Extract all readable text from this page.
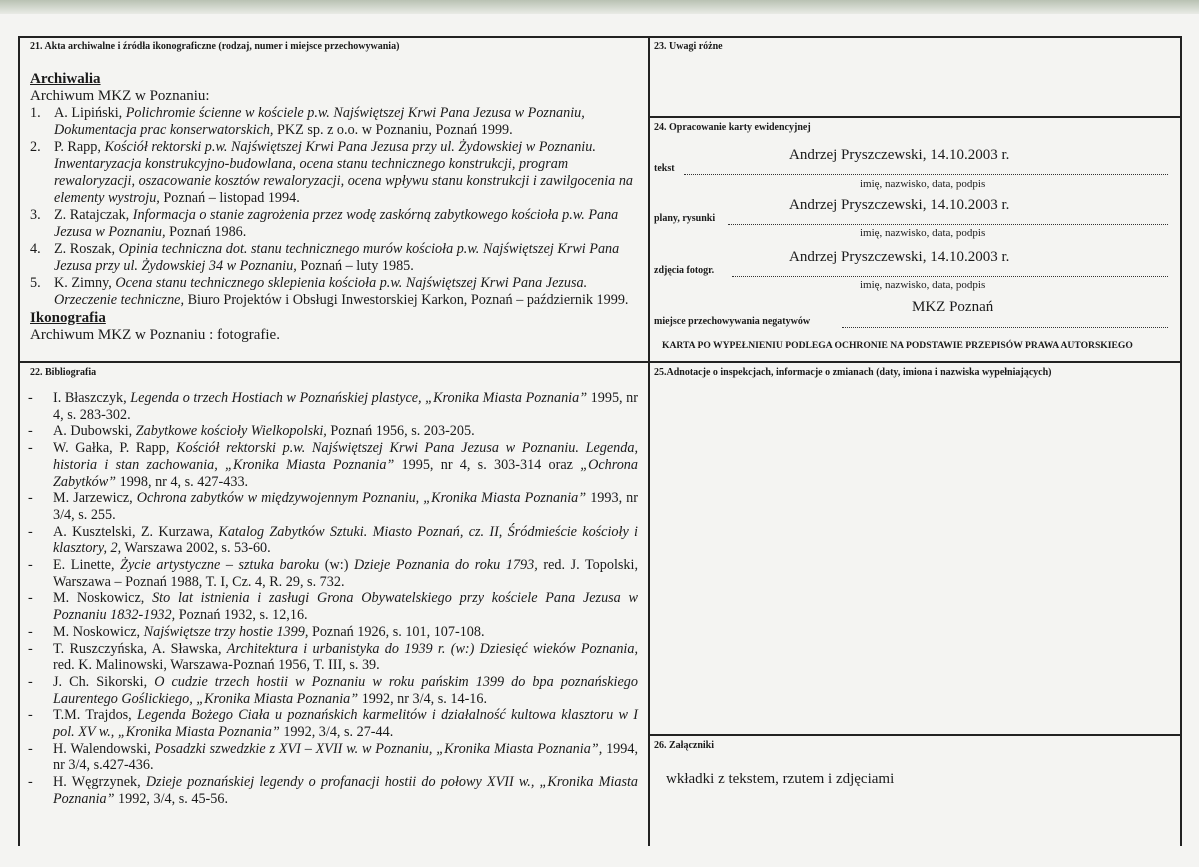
21. Akta archiwalne i źródła ikonograficzne (rodzaj, numer i miejsce przechowywania)
Archiwalia
Archiwum MKZ w Poznaniu:
1. A. Lipiński, Polichromie ścienne w kościele p.w. Najświętszej Krwi Pana Jezusa w Poznaniu, Dokumentacja prac konserwatorskich, PKZ sp. z o.o. w Poznaniu, Poznań 1999.
2. P. Rapp, Kościół rektorski p.w. Najświętszej Krwi Pana Jezusa przy ul. Żydowskiej w Poznaniu. Inwentaryzacja konstrukcyjno-budowlana, ocena stanu technicznego konstrukcji, program rewaloryzacji, oszacowanie kosztów rewaloryzacji, ocena wpływu stanu konstrukcji i zawilgocenia na elementy wystroju, Poznań – listopad 1994.
3. Z. Ratajczak, Informacja o stanie zagrożenia przez wodę zaskórną zabytkowego kościoła p.w. Pana Jezusa w Poznaniu, Poznań 1986.
4. Z. Roszak, Opinia techniczna dot. stanu technicznego murów kościoła p.w. Najświętszej Krwi Pana Jezusa przy ul. Żydowskiej 34 w Poznaniu, Poznań – luty 1985.
5. K. Zimny, Ocena stanu technicznego sklepienia kościoła p.w. Najświętszej Krwi Pana Jezusa. Orzeczenie techniczne, Biuro Projektów i Obsługi Inwestorskiej Karkon, Poznań – październik 1999.
Ikonografia
Archiwum MKZ w Poznaniu : fotografie.
22. Bibliografia
- I. Błaszczyk, Legenda o trzech Hostiach w Poznańskiej plastyce, „Kronika Miasta Poznania” 1995, nr 4, s. 283-302.
- A. Dubowski, Zabytkowe kościoły Wielkopolski, Poznań 1956, s. 203-205.
- W. Gałka, P. Rapp, Kościół rektorski p.w. Najświętszej Krwi Pana Jezusa w Poznaniu. Legenda, historia i stan zachowania, „Kronika Miasta Poznania” 1995, nr 4, s. 303-314 oraz „Ochrona Zabytków” 1998, nr 4, s. 427-433.
- M. Jarzewicz, Ochrona zabytków w międzywojennym Poznaniu, „Kronika Miasta Poznania” 1993, nr 3/4, s. 255.
- A. Kusztelski, Z. Kurzawa, Katalog Zabytków Sztuki. Miasto Poznań, cz. II, Śródmieście kościoły i klasztory, 2, Warszawa 2002, s. 53-60.
- E. Linette, Życie artystyczne – sztuka baroku (w:) Dzieje Poznania do roku 1793, red. J. Topolski, Warszawa – Poznań 1988, T. I, Cz. 4, R. 29, s. 732.
- M. Noskowicz, Sto lat istnienia i zasługi Grona Obywatelskiego przy kościele Pana Jezusa w Poznaniu 1832-1932, Poznań 1932, s. 12,16.
- M. Noskowicz, Najświętsze trzy hostie 1399, Poznań 1926, s. 101, 107-108.
- T. Ruszczyńska, A. Sławska, Architektura i urbanistyka do 1939 r. (w:) Dziesięć wieków Poznania, red. K. Malinowski, Warszawa-Poznań 1956, T. III, s. 39.
- J. Ch. Sikorski, O cudzie trzech hostii w Poznaniu w roku pańskim 1399 do bpa poznańskiego Laurentego Goślickiego, „Kronika Miasta Poznania” 1992, nr 3/4, s. 14-16.
- T.M. Trajdos, Legenda Bożego Ciała u poznańskich karmelitów i działalność kultowa klasztoru w I pol. XV w., „Kronika Miasta Poznania” 1992, 3/4, s. 27-44.
- H. Walendowski, Posadzki szwedzkie z XVI – XVII w. w Poznaniu, „Kronika Miasta Poznania”, 1994, nr 3/4, s.427-436.
- H. Węgrzynek, Dzieje poznańskiej legendy o profanacji hostii do połowy XVII w., „Kronika Miasta Poznania” 1992, 3/4, s. 45-56.
23. Uwagi różne
24. Opracowanie karty ewidencyjnej
Andrzej Pryszczewski, 14.10.2003 r.
tekst
imię, nazwisko, data, podpis
Andrzej Pryszczewski, 14.10.2003 r.
plany, rysunki
imię, nazwisko, data, podpis
Andrzej Pryszczewski, 14.10.2003 r.
zdjęcia fotogr.
imię, nazwisko, data, podpis
MKZ Poznań
miejsce przechowywania negatywów
KARTA PO WYPEŁNIENIU PODLEGA OCHRONIE NA PODSTAWIE PRZEPISÓW PRAWA AUTORSKIEGO
25.Adnotacje o inspekcjach, informacje o zmianach (daty, imiona i nazwiska wypełniających)
26. Załączniki
wkładki z tekstem, rzutem i zdjęciami
